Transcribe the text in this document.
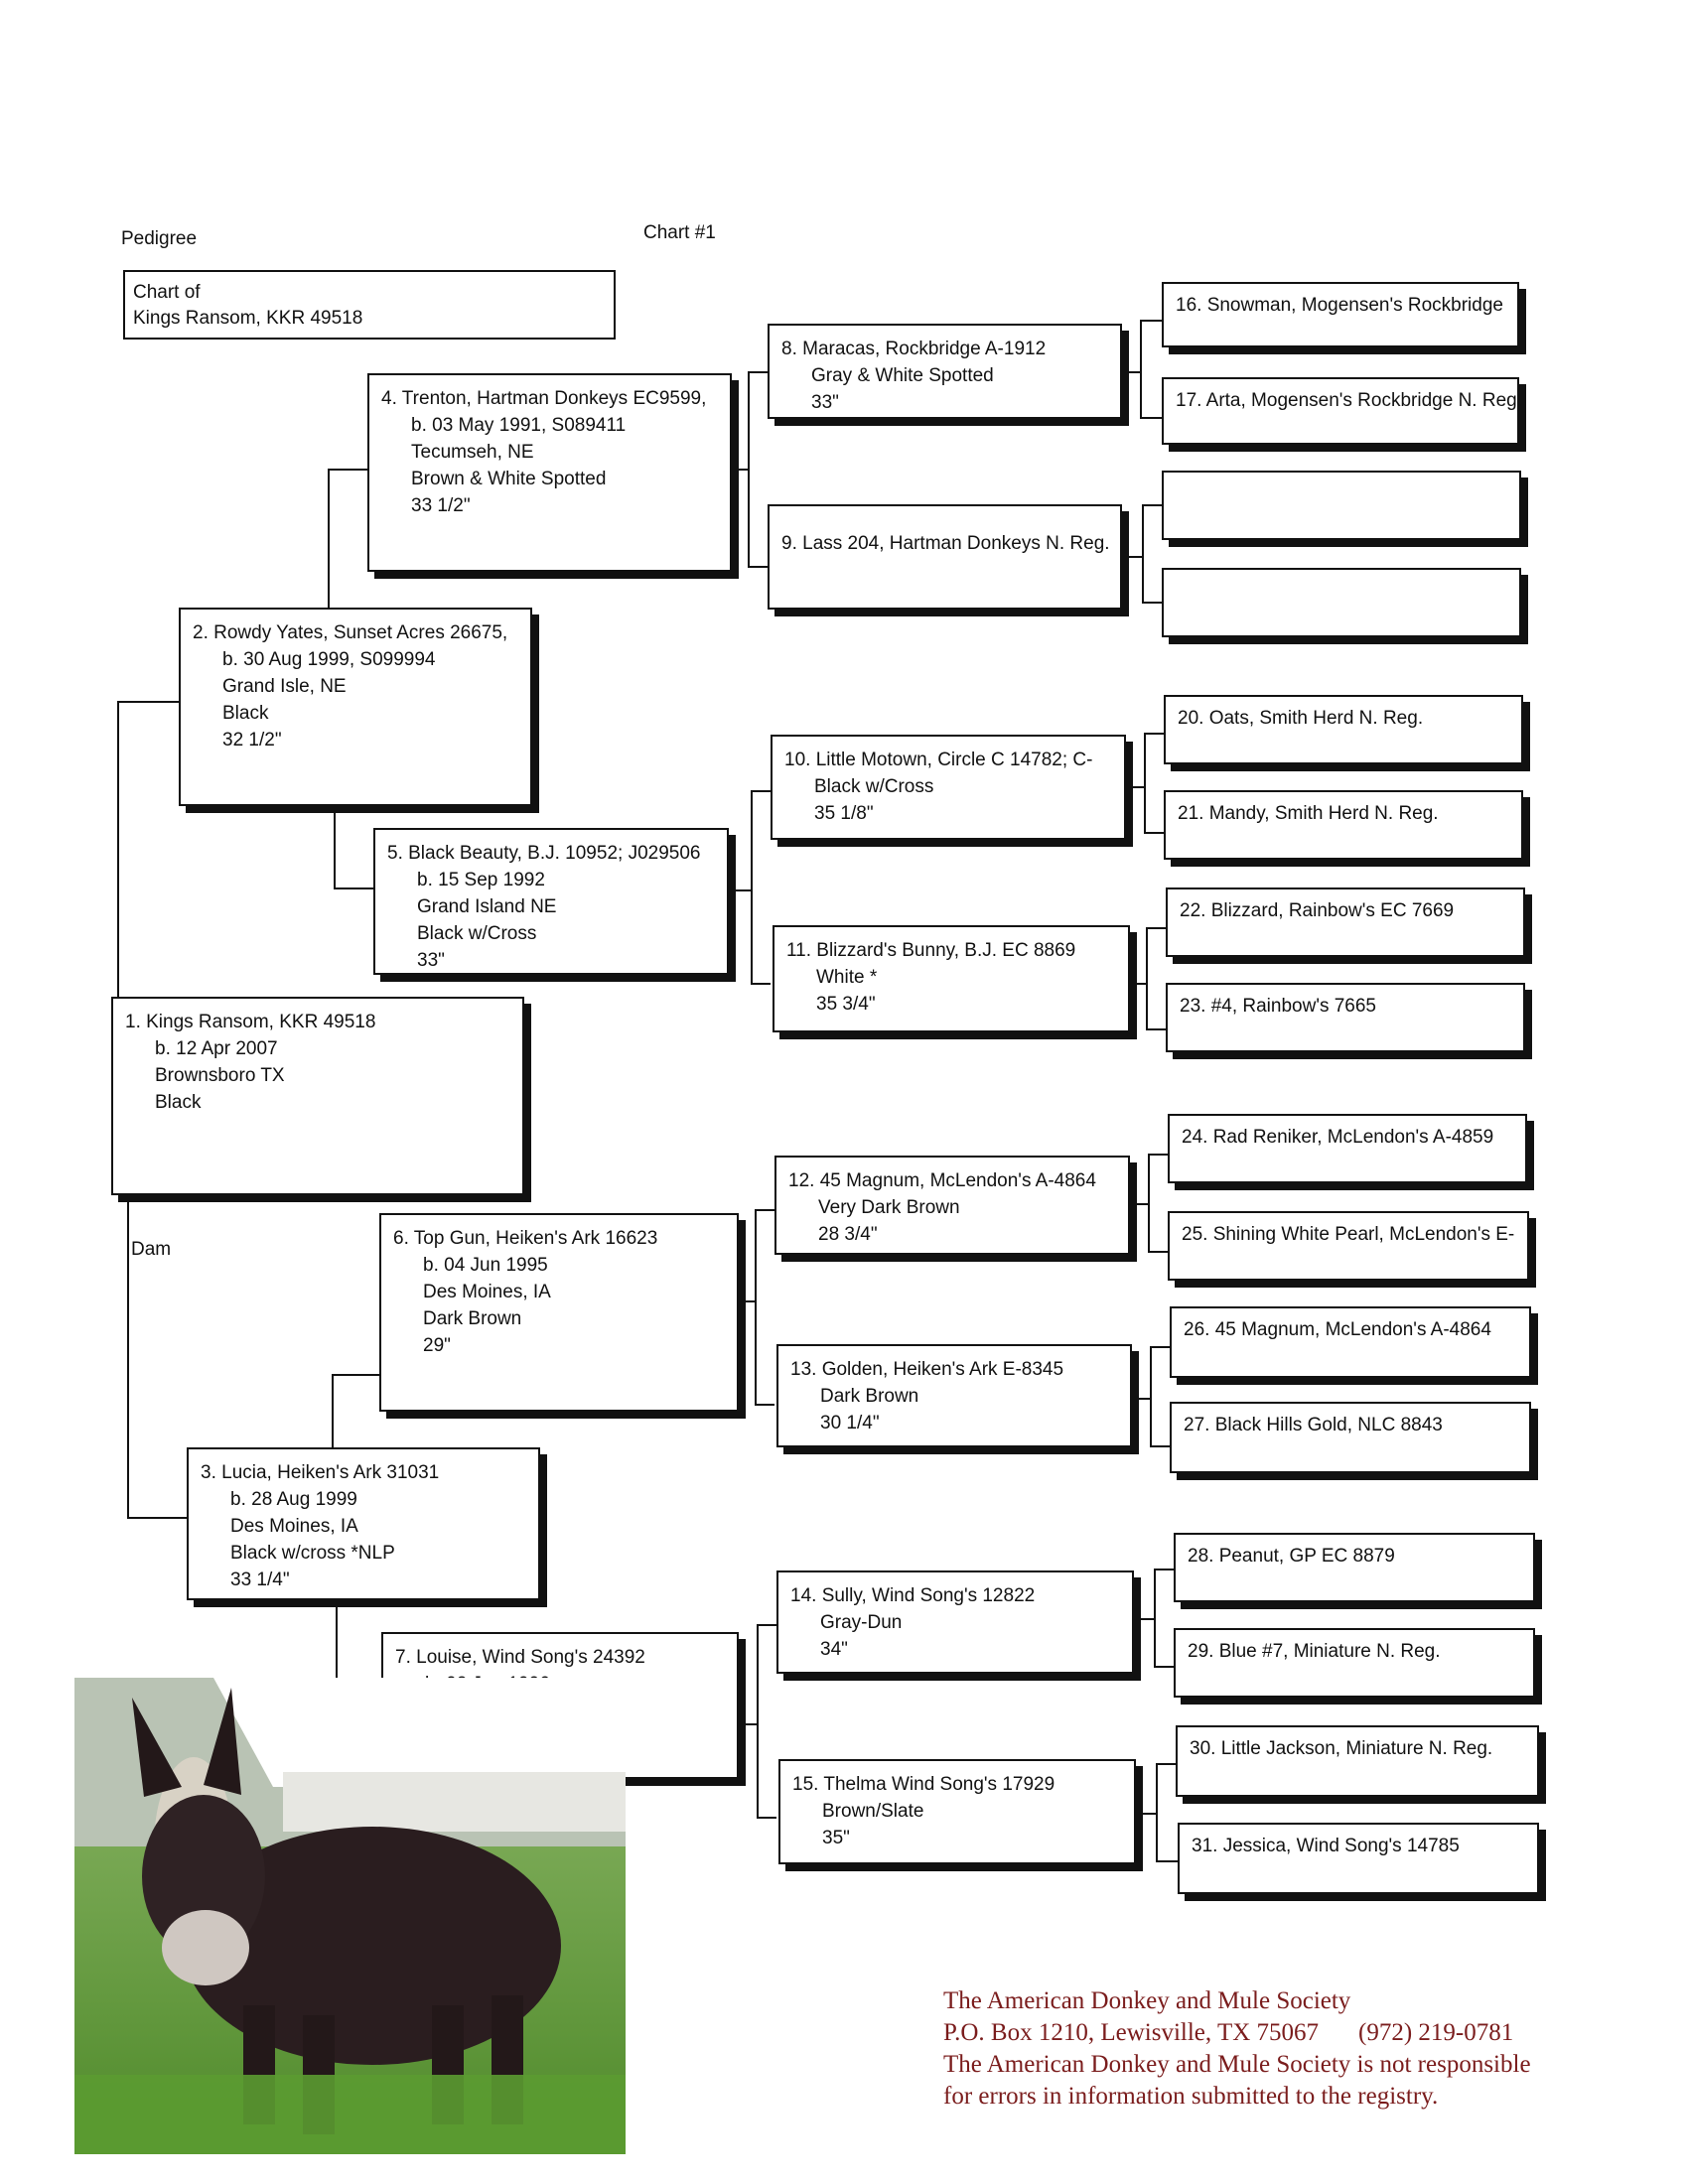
Pedigree	Chart #1
Dam
Chart of
Kings Ransom, KKR 49518
1. Kings Ransom, KKR 49518
b. 12 Apr 2007
Brownsboro TX
Black
2. Rowdy Yates, Sunset Acres 26675,
b. 30 Aug 1999, S099994
Grand Isle, NE
Black
32 1/2"
3. Lucia, Heiken's Ark 31031
b. 28 Aug 1999
Des Moines, IA
Black w/cross *NLP
33 1/4"
4. Trenton, Hartman Donkeys EC9599,
b. 03 May 1991, S089411
Tecumseh, NE
Brown & White Spotted
33 1/2"
5. Black Beauty, B.J. 10952; J029506
b. 15 Sep 1992
Grand Island NE
Black w/Cross
33"
6. Top Gun, Heiken's Ark 16623
b. 04 Jun 1995
Des Moines, IA
Dark Brown
29"
7. Louise, Wind Song's 24392
8. Maracas, Rockbridge A-1912
Gray & White Spotted
33"
9. Lass 204, Hartman Donkeys N. Reg.
10. Little Motown, Circle C 14782; C-
Black w/Cross
35 1/8"
11. Blizzard's Bunny, B.J. EC 8869
White *
35 3/4"
12. 45 Magnum, McLendon's A-4864
Very Dark Brown
28 3/4"
13. Golden, Heiken's Ark E-8345
Dark Brown
30 1/4"
14. Sully, Wind Song's 12822
Gray-Dun
34"
15. Thelma Wind Song's 17929
Brown/Slate
35"
16. Snowman, Mogensen's Rockbridge
17. Arta, Mogensen's Rockbridge N. Reg.
20. Oats, Smith Herd N. Reg.
21. Mandy, Smith Herd N. Reg.
22. Blizzard, Rainbow's EC 7669
23. #4, Rainbow's 7665
24. Rad Reniker, McLendon's A-4859
25. Shining White Pearl, McLendon's E-
26. 45 Magnum, McLendon's A-4864
27. Black Hills Gold, NLC 8843
28. Peanut, GP EC 8879
29. Blue #7, Miniature N. Reg.
30. Little Jackson, Miniature N. Reg.
31. Jessica, Wind Song's 14785
The American Donkey and Mule Society
P.O. Box 1210, Lewisville, TX 75067 (972) 219-0781
The American Donkey and Mule Society is not responsible
for errors in information submitted to the registry.
